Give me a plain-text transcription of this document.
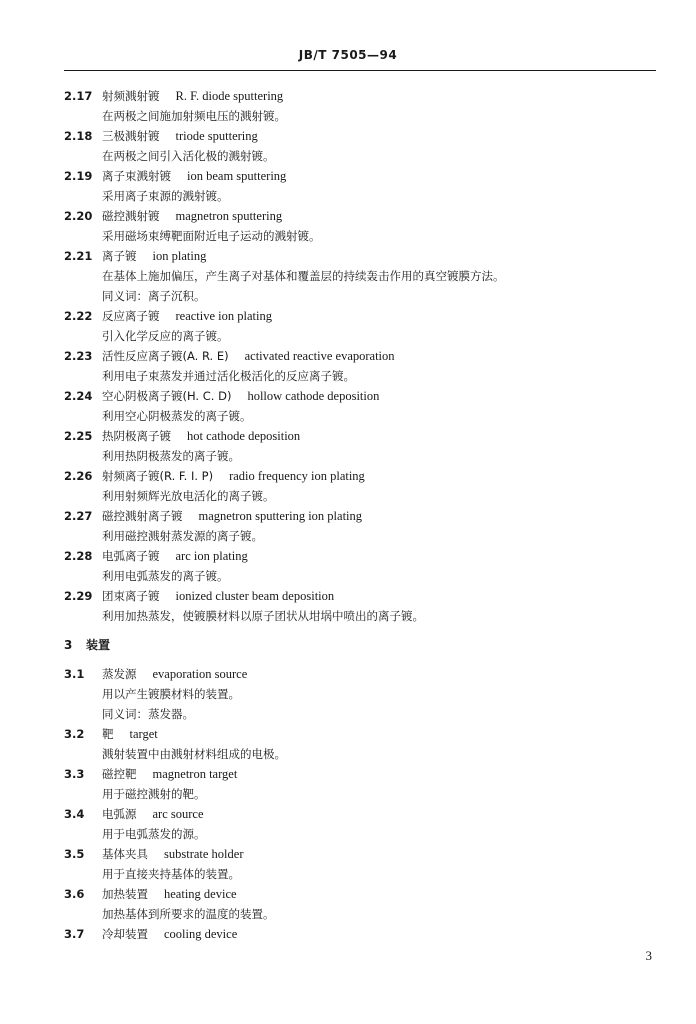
JB/T 7505—94
2.17 射频溅射镀 R. F. diode sputtering
在两极之间施加射频电压的溅射镀。
2.18 三极溅射镀 triode sputtering
在两极之间引入活化极的溅射镀。
2.19 离子束溅射镀 ion beam sputtering
采用离子束源的溅射镀。
2.20 磁控溅射镀 magnetron sputtering
采用磁场束缚靶面附近电子运动的溅射镀。
2.21 离子镀 ion plating
在基体上施加偏压，产生离子对基体和覆盖层的持续轰击作用的真空镀膜方法。
同义词：离子沉积。
2.22 反应离子镀 reactive ion plating
引入化学反应的离子镀。
2.23 活性反应离子镀(A. R. E) activated reactive evaporation
利用电子束蒸发并通过活化极活化的反应离子镀。
2.24 空心阴极离子镀(H. C. D) hollow cathode deposition
利用空心阴极蒸发的离子镀。
2.25 热阴极离子镀 hot cathode deposition
利用热阴极蒸发的离子镀。
2.26 射频离子镀(R. F. I. P) radio frequency ion plating
利用射频辉光放电活化的离子镀。
2.27 磁控溅射离子镀 magnetron sputtering ion plating
利用磁控溅射蒸发源的离子镀。
2.28 电弧离子镀 arc ion plating
利用电弧蒸发的离子镀。
2.29 团束离子镀 ionized cluster beam deposition
利用加热蒸发，使镀膜材料以原子团状从坩埚中喷出的离子镀。
3	装置
3.1	蒸发源 evaporation source
用以产生镀膜材料的装置。
同义词：蒸发器。
3.2	靶 target
溅射装置中由溅射材料组成的电极。
3.3	磁控靶 magnetron target
用于磁控溅射的靶。
3.4	电弧源 arc source
用于电弧蒸发的源。
3.5	基体夹具 substrate holder
用于直接夹持基体的装置。
3.6	加热装置 heating device
加热基体到所要求的温度的装置。
3.7	冷却装置 cooling device
3
